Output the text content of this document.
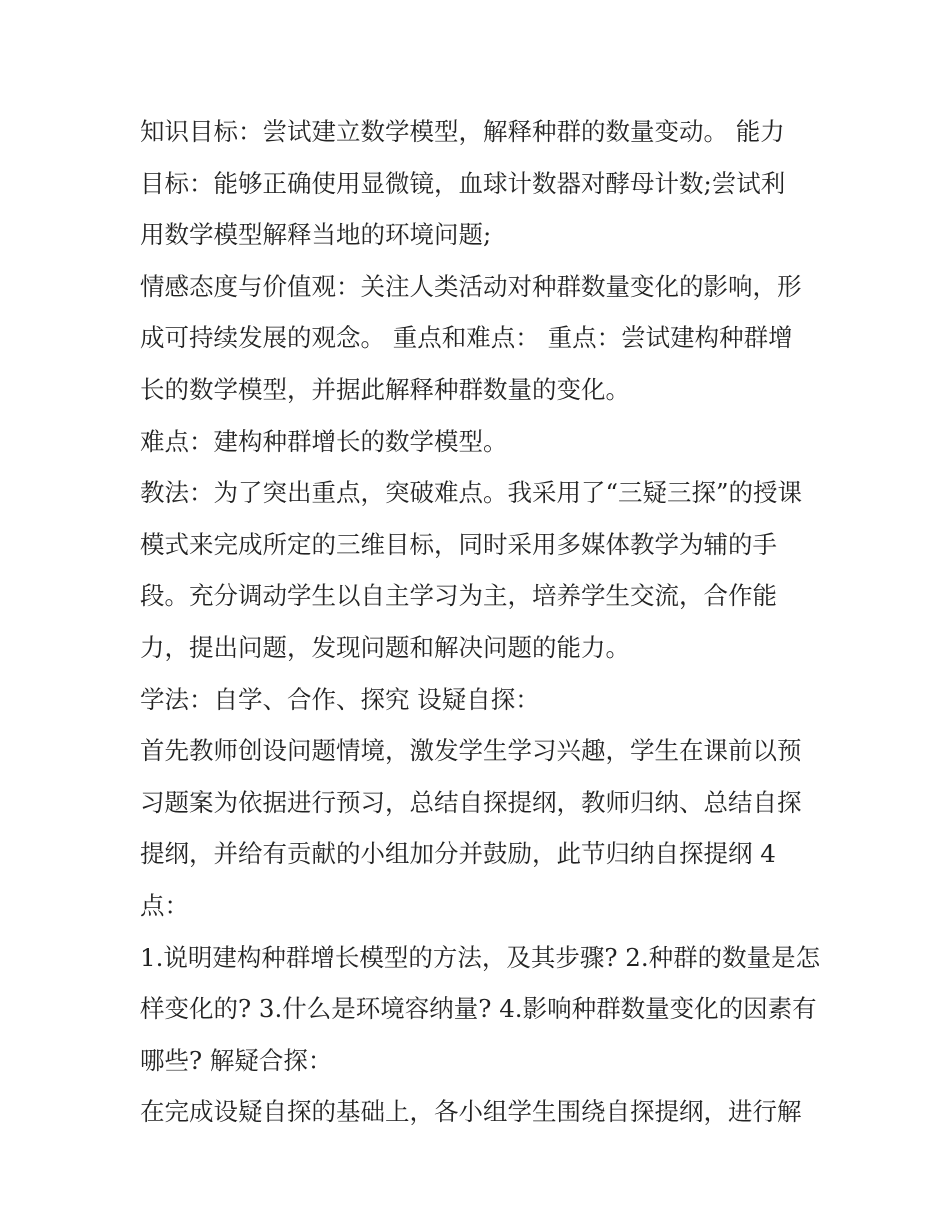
知识目标：尝试建立数学模型，解释种群的数量变动。 能力
目标：能够正确使用显微镜，血球计数器对酵母计数;尝试利
用数学模型解释当地的环境问题;
情感态度与价值观：关注人类活动对种群数量变化的影响，形
成可持续发展的观念。 重点和难点： 重点：尝试建构种群增
长的数学模型，并据此解释种群数量的变化。
难点：建构种群增长的数学模型。
教法：为了突出重点，突破难点。我采用了“三疑三探”的授课
模式来完成所定的三维目标，同时采用多媒体教学为辅的手
段。充分调动学生以自主学习为主，培养学生交流，合作能
力，提出问题，发现问题和解决问题的能力。
学法：自学、合作、探究 设疑自探：
首先教师创设问题情境，激发学生学习兴趣，学生在课前以预
习题案为依据进行预习，总结自探提纲，教师归纳、总结自探
提纲，并给有贡献的小组加分并鼓励，此节归纳自探提纲 4
点：
1.说明建构种群增长模型的方法，及其步骤? 2.种群的数量是怎
样变化的? 3.什么是环境容纳量? 4.影响种群数量变化的因素有
哪些? 解疑合探：
在完成设疑自探的基础上，各小组学生围绕自探提纲，进行解
